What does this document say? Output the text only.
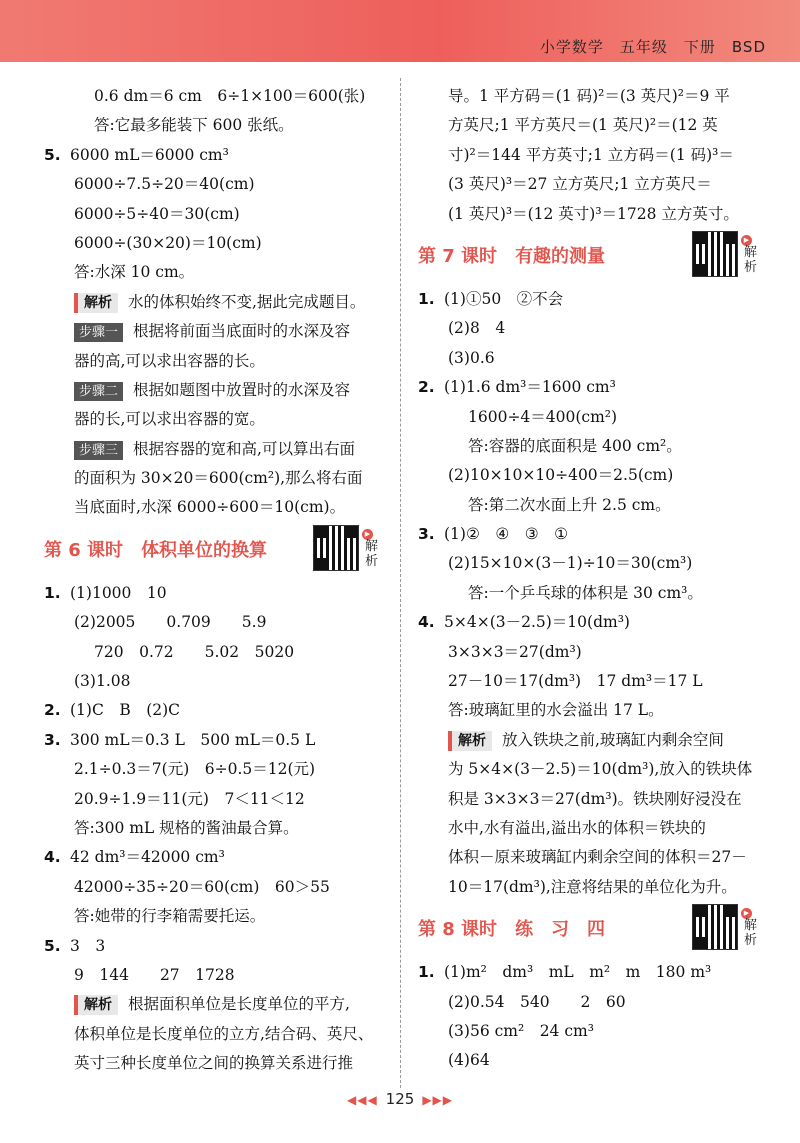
小学数学　五年级　下册　BSD
0.6 dm＝6 cm　6÷1×100＝600(张)
答:它最多能装下 600 张纸。
5. 6000 mL＝6000 cm³
6000÷7.5÷20＝40(cm)
6000÷5÷40＝30(cm)
6000÷(30×20)＝10(cm)
答:水深 10 cm。
解析 水的体积始终不变,据此完成题目。
步骤一 根据将前面当底面时的水深及容
器的高,可以求出容器的长。
步骤二 根据如题图中放置时的水深及容
器的长,可以求出容器的宽。
步骤三 根据容器的宽和高,可以算出右面
的面积为 30×20＝600(cm²),那么将右面
当底面时,水深 6000÷600＝10(cm)。
第 6 课时 体积单位的换算
▶
解析
1. (1)1000　10
(2)2005　　0.709　　5.9
720　0.72　　5.02　5020
(3)1.08
2. (1)C　B　(2)C
3. 300 mL＝0.3 L　500 mL＝0.5 L
2.1÷0.3＝7(元)　6÷0.5＝12(元)
20.9÷1.9＝11(元)　7＜11＜12
答:300 mL 规格的酱油最合算。
4. 42 dm³＝42000 cm³
42000÷35÷20＝60(cm)　60＞55
答:她带的行李箱需要托运。
5. 3　3
9　144　　27　1728
解析 根据面积单位是长度单位的平方,
体积单位是长度单位的立方,结合码、英尺、
英寸三种长度单位之间的换算关系进行推
导。1 平方码＝(1 码)²＝(3 英尺)²＝9 平
方英尺;1 平方英尺＝(1 英尺)²＝(12 英
寸)²＝144 平方英寸;1 立方码＝(1 码)³＝
(3 英尺)³＝27 立方英尺;1 立方英尺＝
(1 英尺)³＝(12 英寸)³＝1728 立方英寸。
第 7 课时 有趣的测量
▶
解析
1. (1)①50　②不会
(2)8　4
(3)0.6
2. (1)1.6 dm³＝1600 cm³
1600÷4＝400(cm²)
答:容器的底面积是 400 cm²。
(2)10×10×10÷400＝2.5(cm)
答:第二次水面上升 2.5 cm。
3. (1)②　④　③　①
(2)15×10×(3－1)÷10＝30(cm³)
答:一个乒乓球的体积是 30 cm³。
4. 5×4×(3－2.5)＝10(dm³)
3×3×3＝27(dm³)
27－10＝17(dm³)　17 dm³＝17 L
答:玻璃缸里的水会溢出 17 L。
解析 放入铁块之前,玻璃缸内剩余空间
为 5×4×(3－2.5)＝10(dm³),放入的铁块体
积是 3×3×3＝27(dm³)。铁块刚好浸没在
水中,水有溢出,溢出水的体积＝铁块的
体积－原来玻璃缸内剩余空间的体积＝27－
10＝17(dm³),注意将结果的单位化为升。
第 8 课时 练　习　四
▶
解析
1. (1)m²　dm³　mL　m²　m　180 m³
(2)0.54　540　　2　60
(3)56 cm²　24 cm³
(4)64
◀◀◀ 125 ▶▶▶
